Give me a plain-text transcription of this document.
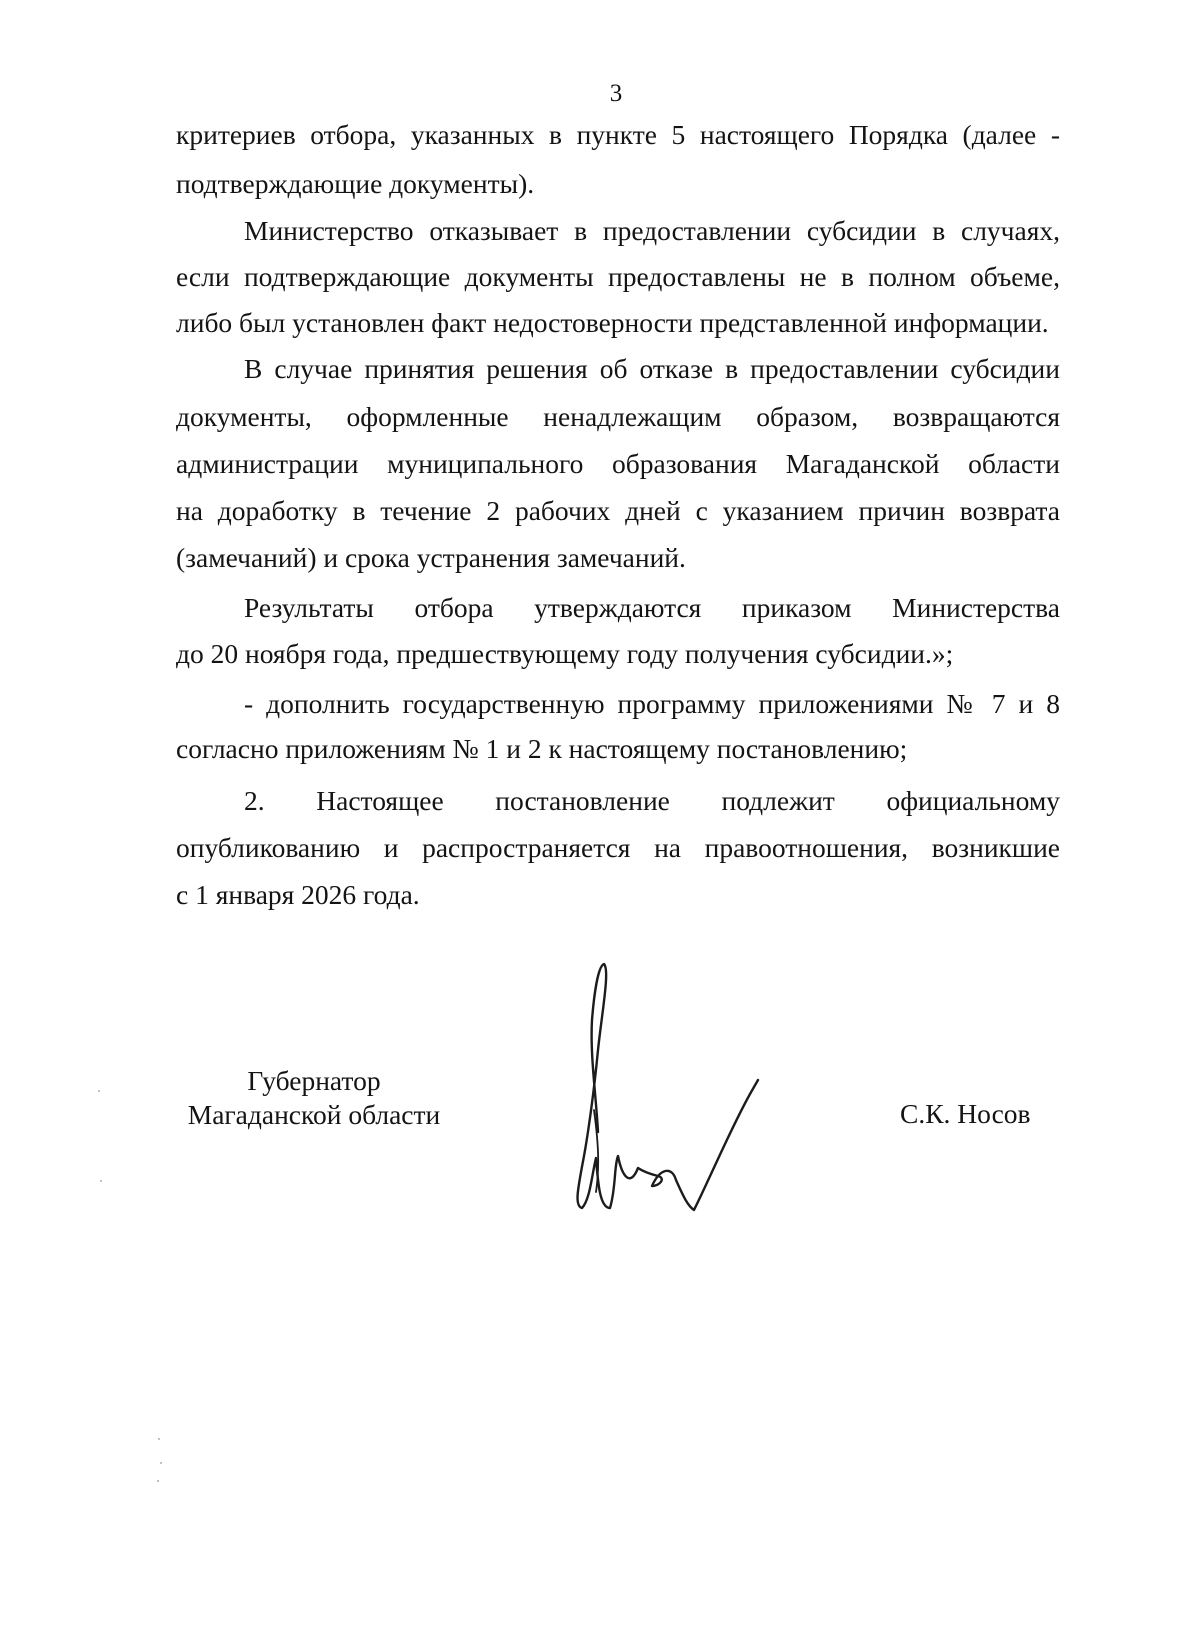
3
критериев отбора, указанных в пункте 5 настоящего Порядка (далее -
подтверждающие документы).
Министерство отказывает в предоставлении субсидии в случаях,
если подтверждающие документы предоставлены не в полном объеме,
либо был установлен факт недостоверности представленной информации.
В случае принятия решения об отказе в предоставлении субсидии
документы, оформленные ненадлежащим образом, возвращаются
администрации муниципального образования Магаданской области
на доработку в течение 2 рабочих дней с указанием причин возврата
(замечаний) и срока устранения замечаний.
Результаты отбора утверждаются приказом Министерства
до 20 ноября года, предшествующему году получения субсидии.»;
- дополнить государственную программу приложениями № 7 и 8
согласно приложениям № 1 и 2 к настоящему постановлению;
2. Настоящее постановление подлежит официальному
опубликованию и распространяется на правоотношения, возникшие
с 1 января 2026 года.
Губернатор
Магаданской области	С.К. Носов
